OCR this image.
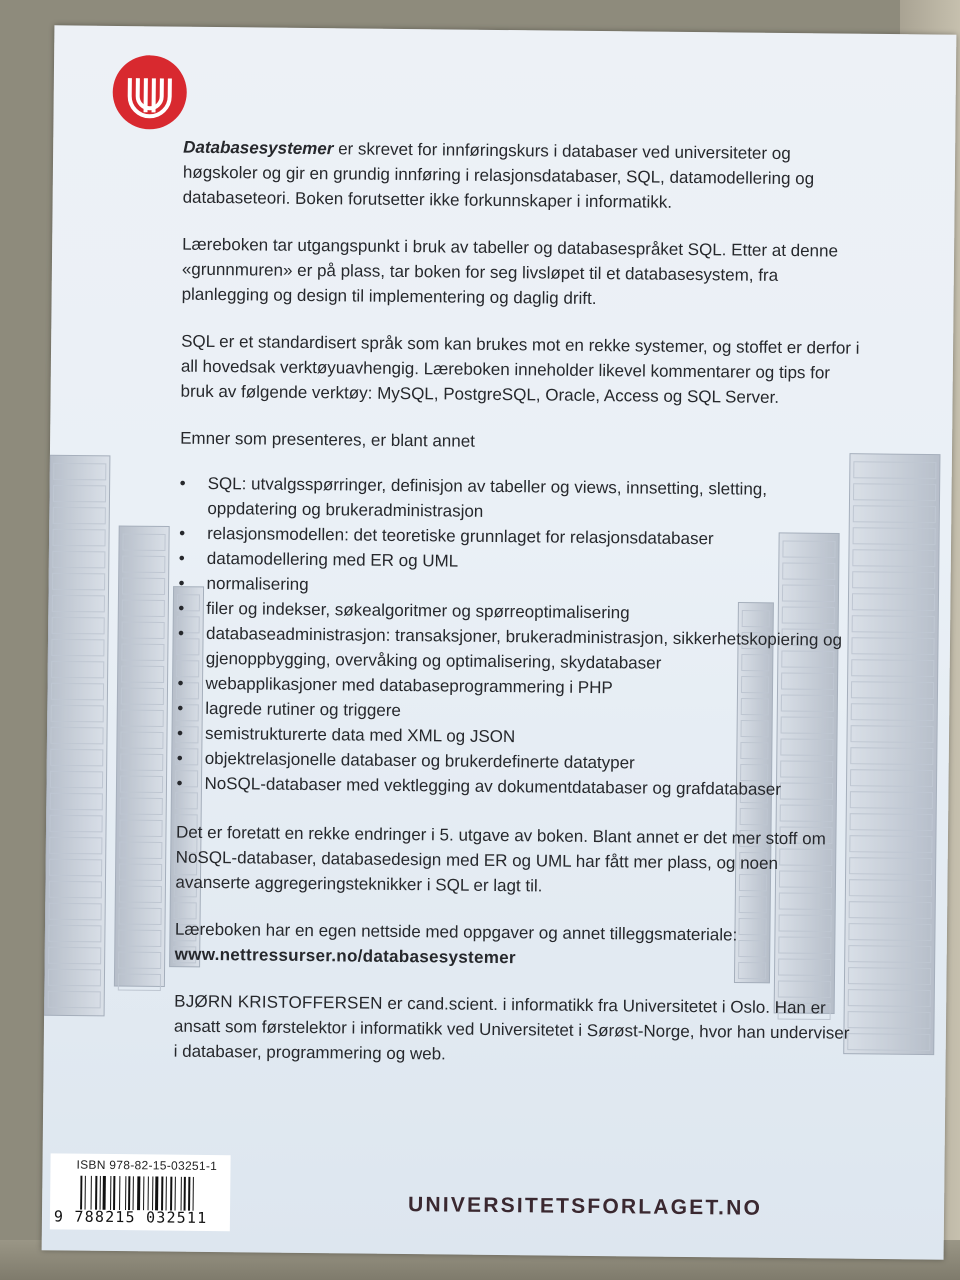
Databasesystemer er skrevet for innføringskurs i databaser ved universiteter og høgskoler og gir en grundig innføring i relasjonsdatabaser, SQL, datamodellering og databaseteori. Boken forutsetter ikke forkunnskaper i informatikk.

Læreboken tar utgangspunkt i bruk av tabeller og databasespråket SQL. Etter at denne «grunnmuren» er på plass, tar boken for seg livsløpet til et databasesystem, fra planlegging og design til implementering og daglig drift.

SQL er et standardisert språk som kan brukes mot en rekke systemer, og stoffet er derfor i all hovedsak verktøyuavhengig. Læreboken inneholder likevel kommentarer og tips for bruk av følgende verktøy: MySQL, PostgreSQL, Oracle, Access og SQL Server.

Emner som presenteres, er blant annet

• SQL: utvalgsspørringer, definisjon av tabeller og views, innsetting, sletting, oppdatering og brukeradministrasjon
• relasjonsmodellen: det teoretiske grunnlaget for relasjonsdatabaser
• datamodellering med ER og UML
• normalisering
• filer og indekser, søkealgoritmer og spørreoptimalisering
• databaseadministrasjon: transaksjoner, brukeradministrasjon, sikkerhetskopiering og gjenoppbygging, overvåking og optimalisering, skydatabaser
• webapplikasjoner med databaseprogrammering i PHP
• lagrede rutiner og triggere
• semistrukturerte data med XML og JSON
• objektrelasjonelle databaser og brukerdefinerte datatyper
• NoSQL-databaser med vektlegging av dokumentdatabaser og grafdatabaser

Det er foretatt en rekke endringer i 5. utgave av boken. Blant annet er det mer stoff om NoSQL-databaser, databasedesign med ER og UML har fått mer plass, og noen avanserte aggregeringsteknikker i SQL er lagt til.

Læreboken har en egen nettside med oppgaver og annet tilleggsmateriale:
www.nettressurser.no/databasesystemer

BJØRN KRISTOFFERSEN er cand.scient. i informatikk fra Universitetet i Oslo. Han er ansatt som førstelektor i informatikk ved Universitetet i Sørøst-Norge, hvor han underviser i databaser, programmering og web.

ISBN 978-82-15-03251-1
9 788215 032511	UNIVERSITETSFORLAGET.NO
